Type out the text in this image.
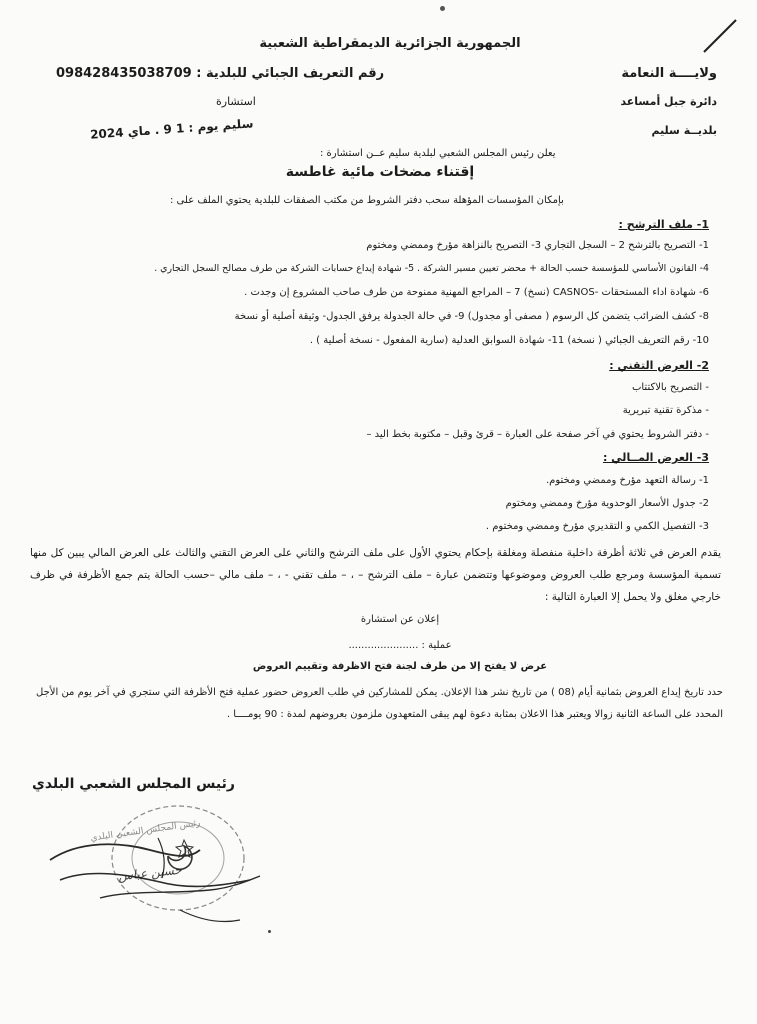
الجمهورية الجزائرية الديمقراطية الشعبية
ولايــــة النعامة
دائرة جبل أمساعد
بلديــة سليم
رقم التعريف الجبائي للبلدية : 098428435038709
استشارة
سليم يوم : 1 9 . ماي 2024
يعلن رئيس المجلس الشعبي لبلدية سليم عــن استشارة :
إقتناء مضخات مائية غاطسة
بإمكان المؤسسات المؤهلة سحب دفتر الشروط من مكتب الصفقات للبلدية يحتوي الملف على :
1- ملف الترشح :
1- التصريح بالترشح 2 – السجل التجاري 3- التصريح بالنزاهة مؤرخ وممضي ومختوم
4- القانون الأساسي للمؤسسة حسب الحالة + محضر تعيين مسير الشركة . 5- شهادة إيداع حسابات الشركة من طرف مصالح السجل التجاري .
6- شهادة اداء المستحقات -CASNOS (نسخ) 7 – المراجع المهنية ممنوحة من طرف صاحب المشروع إن وجدت .
8- كشف الضرائب يتضمن كل الرسوم ( مصفى أو مجدول) 9- في حالة الجدولة يرفق الجدول- وثيقة أصلية أو نسخة
10- رقم التعريف الجبائي ( نسخة) 11- شهادة السوابق العدلية (سارية المفعول - نسخة أصلية ) .
2- العرض التقني :
- التصريح بالاكتتاب
- مذكرة تقنية تبريرية
- دفتر الشروط يحتوي في آخر صفحة على العبارة – قرئ وقبل – مكتوبة بخط اليد –
3- العرض المــالي :
1- رسالة التعهد مؤرخ وممضي ومختوم.
2- جدول الأسعار الوحدوية مؤرخ وممضي ومختوم
3- التفصيل الكمي و التقديري مؤرخ وممضي ومختوم .
يقدم العرض في ثلاثة أظرفة داخلية منفصلة ومغلقة بإحكام يحتوي الأول على ملف الترشح والثاني على العرض التقني والثالث على العرض المالي يبين كل منها تسمية المؤسسة ومرجع طلب العروض وموضوعها وتتضمن عبارة – ملف الترشح – ، – ملف تقني - ، – ملف مالي –حسب الحالة يتم جمع الأظرفة في ظرف خارجي مغلق ولا يحمل إلا العبارة التالية :
إعلان عن استشارة
عملية : ......................
عرض لا يفتح إلا من طرف لجنة فتح الاظرفة وتقييم العروض
حدد تاريخ إيداع العروض بثمانية أيام (08 ) من تاريخ نشر هذا الإعلان. يمكن للمشاركين في طلب العروض حضور عملية فتح الأظرفة التي ستجري في آخر يوم من الأجل المحدد على الساعة الثانية زوالا ويعتبر هذا الاعلان بمثابة دعوة لهم يبقى المتعهدون ملزمون بعروضهم لمدة : 90 يومــــا .
رئيس المجلس الشعبي البلدي
رئيس المجلس الشعبي البلدي
حسين عباس
